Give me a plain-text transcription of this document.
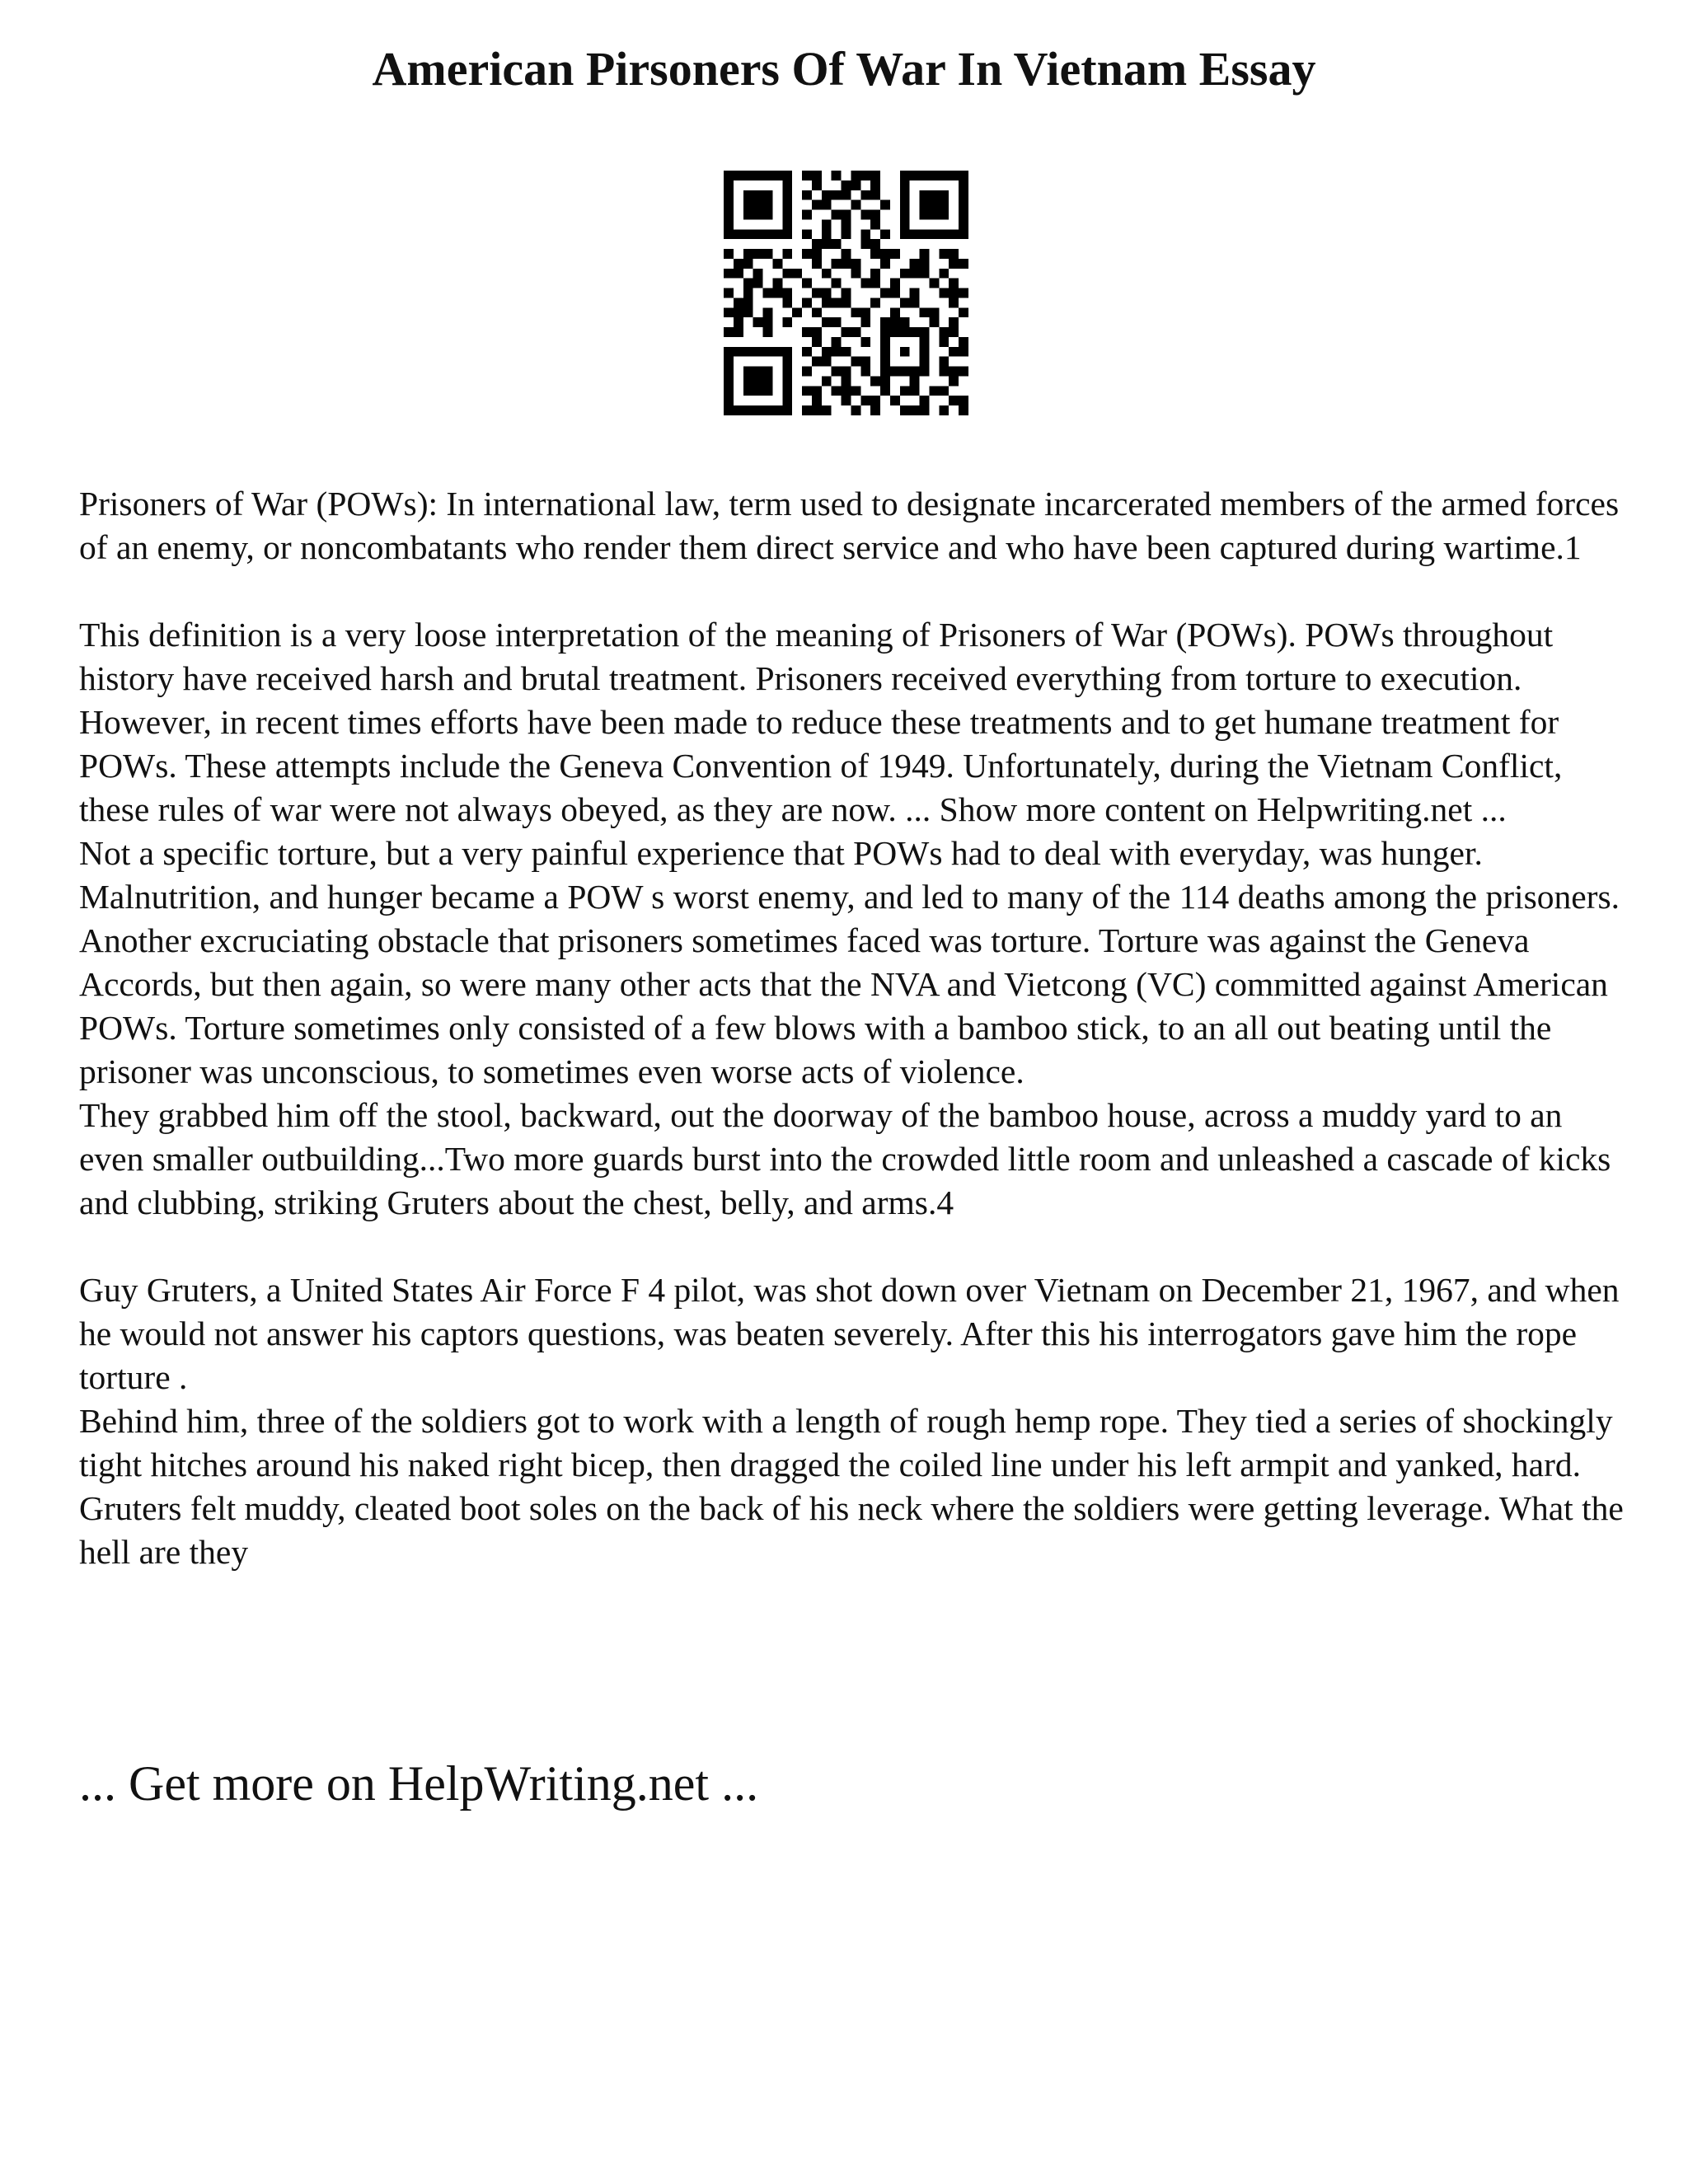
American Pirsoners Of War In Vietnam Essay

Prisoners of War (POWs): In international law, term used to designate incarcerated members of the armed forces of an enemy, or noncombatants who render them direct service and who have been captured during wartime.1

This definition is a very loose interpretation of the meaning of Prisoners of War (POWs). POWs throughout history have received harsh and brutal treatment. Prisoners received everything from torture to execution. However, in recent times efforts have been made to reduce these treatments and to get humane treatment for POWs. These attempts include the Geneva Convention of 1949. Unfortunately, during the Vietnam Conflict, these rules of war were not always obeyed, as they are now. ... Show more content on Helpwriting.net ...

Not a specific torture, but a very painful experience that POWs had to deal with everyday, was hunger. Malnutrition, and hunger became a POW s worst enemy, and led to many of the 114 deaths among the prisoners.

Another excruciating obstacle that prisoners sometimes faced was torture. Torture was against the Geneva Accords, but then again, so were many other acts that the NVA and Vietcong (VC) committed against American POWs. Torture sometimes only consisted of a few blows with a bamboo stick, to an all out beating until the prisoner was unconscious, to sometimes even worse acts of violence.

They grabbed him off the stool, backward, out the doorway of the bamboo house, across a muddy yard to an even smaller outbuilding...Two more guards burst into the crowded little room and unleashed a cascade of kicks and clubbing, striking Gruters about the chest, belly, and arms.4

Guy Gruters, a United States Air Force F 4 pilot, was shot down over Vietnam on December 21, 1967, and when he would not answer his captors questions, was beaten severely. After this his interrogators gave him the rope torture .

Behind him, three of the soldiers got to work with a length of rough hemp rope. They tied a series of shockingly tight hitches around his naked right bicep, then dragged the coiled line under his left armpit and yanked, hard. Gruters felt muddy, cleated boot soles on the back of his neck where the soldiers were getting leverage. What the hell are they

... Get more on HelpWriting.net ...
